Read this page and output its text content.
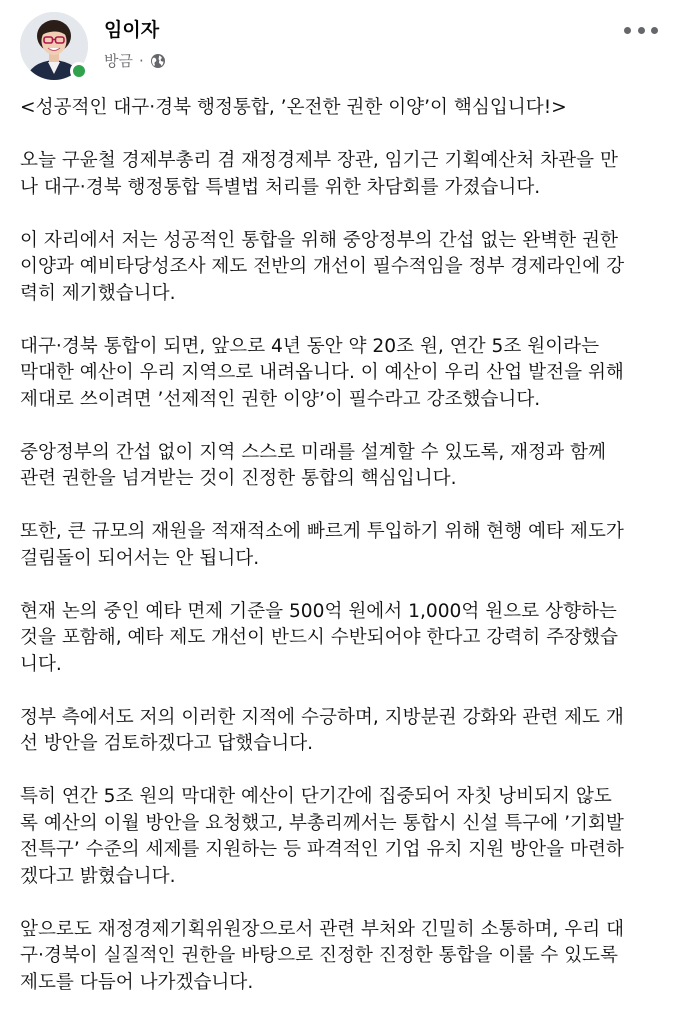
임이자
방금 ·

<성공적인 대구·경북 행정통합, ’온전한 권한 이양’이 핵심입니다!>

오늘 구윤철 경제부총리 겸 재정경제부 장관, 임기근 기획예산처 차관을 만
나 대구·경북 행정통합 특별법 처리를 위한 차담회를 가졌습니다.

이 자리에서 저는 성공적인 통합을 위해 중앙정부의 간섭 없는 완벽한 권한
이양과 예비타당성조사 제도 전반의 개선이 필수적임을 정부 경제라인에 강
력히 제기했습니다.

대구·경북 통합이 되면, 앞으로 4년 동안 약 20조 원, 연간 5조 원이라는
막대한 예산이 우리 지역으로 내려옵니다. 이 예산이 우리 산업 발전을 위해
제대로 쓰이려면 ’선제적인 권한 이양’이 필수라고 강조했습니다.

중앙정부의 간섭 없이 지역 스스로 미래를 설계할 수 있도록, 재정과 함께
관련 권한을 넘겨받는 것이 진정한 통합의 핵심입니다.

또한, 큰 규모의 재원을 적재적소에 빠르게 투입하기 위해 현행 예타 제도가
걸림돌이 되어서는 안 됩니다.

현재 논의 중인 예타 면제 기준을 500억 원에서 1,000억 원으로 상향하는
것을 포함해, 예타 제도 개선이 반드시 수반되어야 한다고 강력히 주장했습
니다.

정부 측에서도 저의 이러한 지적에 수긍하며, 지방분권 강화와 관련 제도 개
선 방안을 검토하겠다고 답했습니다.

특히 연간 5조 원의 막대한 예산이 단기간에 집중되어 자칫 낭비되지 않도
록 예산의 이월 방안을 요청했고, 부총리께서는 통합시 신설 특구에 ’기회발
전특구’ 수준의 세제를 지원하는 등 파격적인 기업 유치 지원 방안을 마련하
겠다고 밝혔습니다.

앞으로도 재정경제기획위원장으로서 관련 부처와 긴밀히 소통하며, 우리 대
구·경북이 실질적인 권한을 바탕으로 진정한 진정한 통합을 이룰 수 있도록
제도를 다듬어 나가겠습니다.
